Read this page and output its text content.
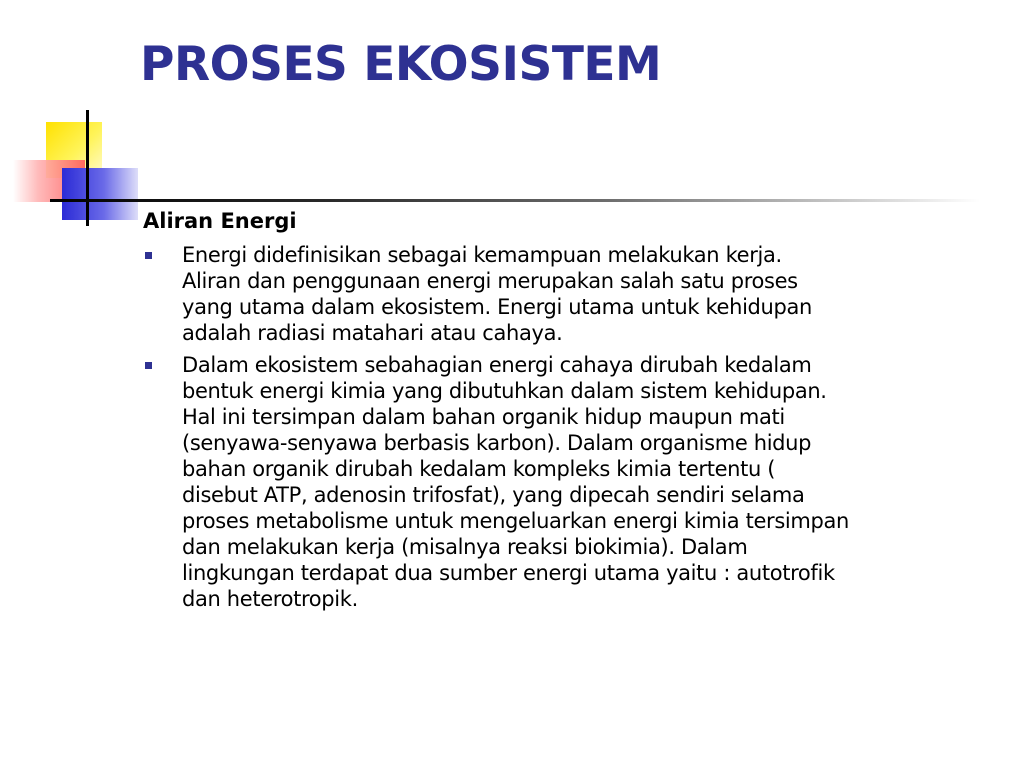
PROSES EKOSISTEM
Aliran Energi
Energi didefinisikan sebagai kemampuan melakukan kerja.
Aliran dan penggunaan energi merupakan salah satu proses
yang utama dalam ekosistem. Energi utama untuk kehidupan
adalah radiasi matahari atau cahaya.
Dalam ekosistem sebahagian energi cahaya dirubah kedalam
bentuk energi kimia yang dibutuhkan dalam sistem kehidupan.
Hal ini tersimpan dalam bahan organik hidup maupun mati
(senyawa-senyawa berbasis karbon). Dalam organisme hidup
bahan organik dirubah kedalam kompleks kimia tertentu (
disebut ATP, adenosin trifosfat), yang dipecah sendiri selama
proses metabolisme untuk mengeluarkan energi kimia tersimpan
dan melakukan kerja (misalnya reaksi biokimia). Dalam
lingkungan terdapat dua sumber energi utama yaitu : autotrofik
dan heterotropik.
